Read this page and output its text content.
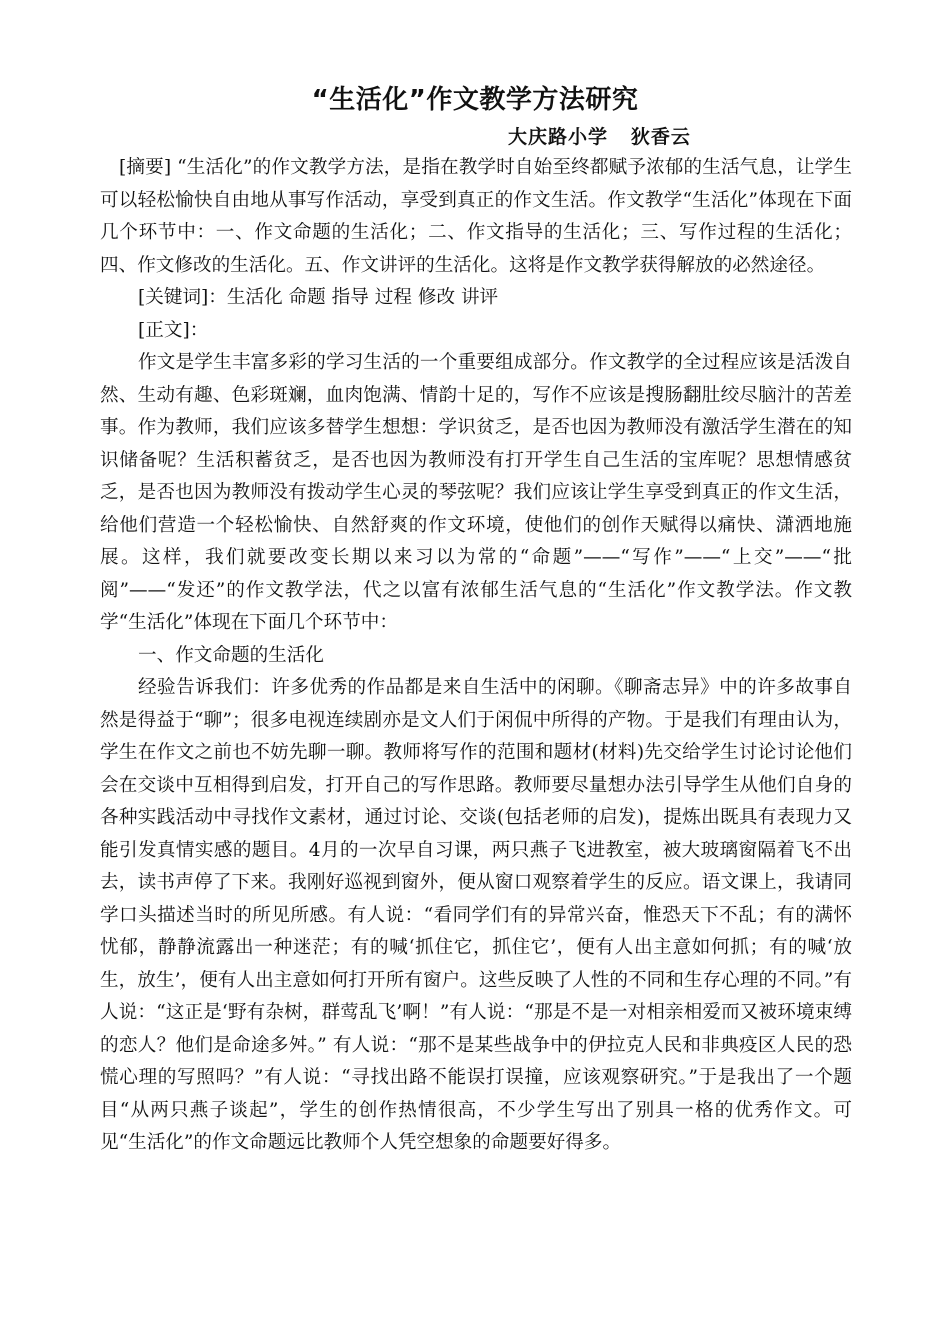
“生活化”作文教学方法研究
大庆路小学   狄香云

[摘要] “生活化”的作文教学方法，是指在教学时自始至终都赋予浓郁的生活气息，让学生可以轻松愉快自由地从事写作活动，享受到真正的作文生活。作文教学“生活化”体现在下面几个环节中：一、作文命题的生活化；二、作文指导的生活化；三、写作过程的生活化；四、作文修改的生活化。五、作文讲评的生活化。这将是作文教学获得解放的必然途径。

[关键词]：生活化 命题 指导 过程 修改 讲评

[正文]：

作文是学生丰富多彩的学习生活的一个重要组成部分。作文教学的全过程应该是活泼自然、生动有趣、色彩斑斓，血肉饱满、情韵十足的，写作不应该是搜肠翻肚绞尽脑汁的苦差事。作为教师，我们应该多替学生想想：学识贫乏，是否也因为教师没有激活学生潜在的知识储备呢？生活积蓄贫乏，是否也因为教师没有打开学生自己生活的宝库呢？思想情感贫乏，是否也因为教师没有拨动学生心灵的琴弦呢？我们应该让学生享受到真正的作文生活，给他们营造一个轻松愉快、自然舒爽的作文环境，使他们的创作天赋得以痛快、潇洒地施展。这样，我们就要改变长期以来习以为常的“命题”——“写作”——“上交”——“批阅”——“发还”的作文教学法，代之以富有浓郁生活气息的“生活化”作文教学法。作文教学“生活化”体现在下面几个环节中：

一、作文命题的生活化

经验告诉我们：许多优秀的作品都是来自生活中的闲聊。《聊斋志异》中的许多故事自然是得益于“聊”；很多电视连续剧亦是文人们于闲侃中所得的产物。于是我们有理由认为，学生在作文之前也不妨先聊一聊。教师将写作的范围和题材(材料)先交给学生讨论讨论他们会在交谈中互相得到启发，打开自己的写作思路。教师要尽量想办法引导学生从他们自身的各种实践活动中寻找作文素材，通过讨论、交谈(包括老师的启发)，提炼出既具有表现力又能引发真情实感的题目。4月的一次早自习课，两只燕子飞进教室，被大玻璃窗隔着飞不出去，读书声停了下来。我刚好巡视到窗外，便从窗口观察着学生的反应。语文课上，我请同学口头描述当时的所见所感。有人说：“看同学们有的异常兴奋，惟恐天下不乱；有的满怀忧郁，静静流露出一种迷茫；有的喊‘抓住它，抓住它’，便有人出主意如何抓；有的喊‘放生，放生’，便有人出主意如何打开所有窗户。这些反映了人性的不同和生存心理的不同。”有人说：“这正是‘野有杂树，群莺乱飞’啊！”有人说：“那是不是一对相亲相爱而又被环境束缚的恋人？他们是命途多舛。” 有人说：“那不是某些战争中的伊拉克人民和非典疫区人民的恐慌心理的写照吗？”有人说：“寻找出路不能误打误撞，应该观察研究。”于是我出了一个题目“从两只燕子谈起”，学生的创作热情很高，不少学生写出了别具一格的优秀作文。可见“生活化”的作文命题远比教师个人凭空想象的命题要好得多。
